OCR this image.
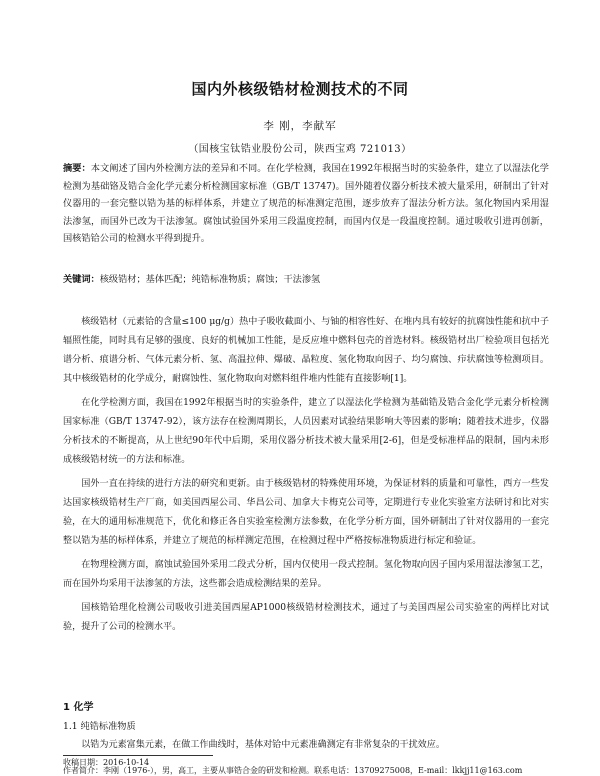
国内外核级锆材检测技术的不同
李 刚，李献军
（国核宝钛锆业股份公司，陕西宝鸡 721013）
摘要：本文阐述了国内外检测方法的差异和不同。在化学检测，我国在1992年根据当时的实验条件，建立了以湿法化学检测为基础铬及锆合金化学元素分析检测国家标准（GB/T 13747)。国外随着仪器分析技术被大量采用，研制出了针对仪器用的一套完整以锆为基的标样体系，并建立了规范的标准测定范围，逐步放弃了湿法分析方法。氢化物国内采用湿法渗氢，而国外已改为干法渗氢。腐蚀试验国外采用三段温度控制，而国内仅是一段温度控制。通过吸收引进再创新，国核锆铪公司的检测水平得到提升。
关键词：核级锆材；基体匹配；纯锆标准物质；腐蚀；干法渗氢

核级锆材（元素铪的含量≤100 μg/g）热中子吸收截面小、与铀的相容性好、在堆内具有较好的抗腐蚀性能和抗中子辐照性能，同时具有足够的强度、良好的机械加工性能，是反应堆中燃料包壳的首选材料。核级锆材出厂检验项目包括光谱分析、痕谱分析、气体元素分析、氢、高温拉伸、爆破、晶粒度、氢化物取向因子、均匀腐蚀、疖状腐蚀等检测项目。其中核级锆材的化学成分，耐腐蚀性、氢化物取向对燃料组件堆内性能有直接影响[1]。

在化学检测方面，我国在1992年根据当时的实验条件，建立了以湿法化学检测为基础锆及锆合金化学元素分析检测国家标准（GB/T 13747-92），该方法存在检测周期长，人员因素对试验结果影响大等因素的影响；随着技术进步，仪器分析技术的不断提高，从上世纪90年代中后期，采用仪器分析技术被大量采用[2-6]，但是受标准样品的限制，国内未形成核级锆材统一的方法和标准。

国外一直在持续的进行方法的研究和更新。由于核级锆材的特殊使用环境，为保证材料的质量和可靠性，西方一些发达国家核级锆材生产厂商，如美国西屋公司、华昌公司、加拿大卡梅克公司等，定期进行专业化实验室方法研讨和比对实验，在大的通用标准规范下，优化和修正各自实验室检测方法参数，在化学分析方面，国外研制出了针对仪器用的一套完整以锆为基的标样体系，并建立了规范的标样测定范围，在检测过程中严格按标准物质进行标定和验证。

在物理检测方面，腐蚀试验国外采用二段式分析，国内仅使用一段式控制。氢化物取向因子国内采用湿法渗氢工艺，而在国外均采用干法渗氢的方法，这些都会造成检测结果的差异。

国核锆铪理化检测公司吸收引进美国西屋AP1000核级锆材检测技术，通过了与美国西屋公司实验室的两样比对试验，提升了公司的检测水平。

1 化学
1.1 纯锆标准物质
以锆为元素富集元素，在做工作曲线时，基体对铪中元素准确测定有非常复杂的干扰效应。
收稿日期：2016-10-14
作者简介：李刚（1976-），男，高工，主要从事锆合金的研发和检测。联系电话：13709275008，E-mail：lkkjj11@163.com
